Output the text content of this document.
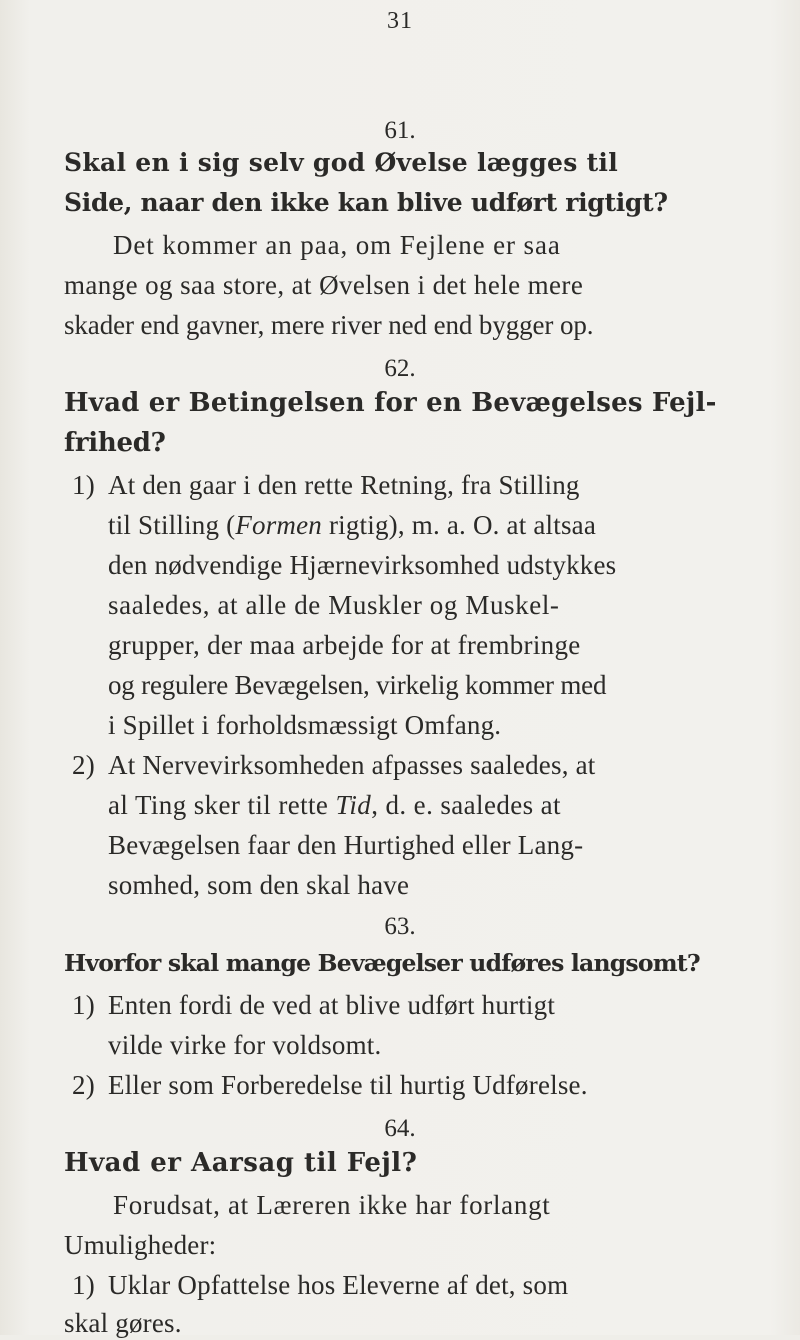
31
61.
Skal en i sig selv god Øvelse lægges til
Side, naar den ikke kan blive udført rigtigt?
Det kommer an paa, om Fejlene er saa
mange og saa store, at Øvelsen i det hele mere
skader end gavner, mere river ned end bygger op.
62.
Hvad er Betingelsen for en Bevægelses Fejl-
frihed?
1) At den gaar i den rette Retning, fra Stilling
til Stilling (Formen rigtig), m. a. O. at altsaa
den nødvendige Hjærnevirksomhed udstykkes
saaledes, at alle de Muskler og Muskel-
grupper, der maa arbejde for at frembringe
og regulere Bevægelsen, virkelig kommer med
i Spillet i forholdsmæssigt Omfang.
2) At Nervevirksomheden afpasses saaledes, at
al Ting sker til rette Tid, d. e. saaledes at
Bevægelsen faar den Hurtighed eller Lang-
somhed, som den skal have
63.
Hvorfor skal mange Bevægelser udføres langsomt?
1) Enten fordi de ved at blive udført hurtigt
vilde virke for voldsomt.
2) Eller som Forberedelse til hurtig Udførelse.
64.
Hvad er Aarsag til Fejl?
Forudsat, at Læreren ikke har forlangt
Umuligheder:
1) Uklar Opfattelse hos Eleverne af det, som
skal gøres.
